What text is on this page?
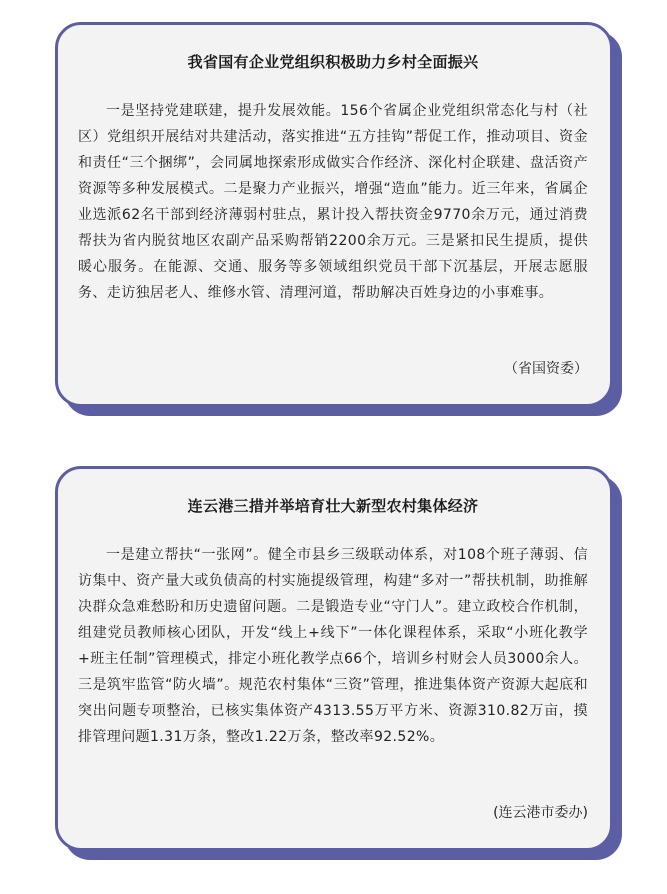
我省国有企业党组织积极助力乡村全面振兴

一是坚持党建联建，提升发展效能。156个省属企业党组织常态化与村（社区）党组织开展结对共建活动，落实推进“五方挂钩”帮促工作，推动项目、资金和责任“三个捆绑”，会同属地探索形成做实合作经济、深化村企联建、盘活资产资源等多种发展模式。二是聚力产业振兴，增强“造血”能力。近三年来，省属企业选派62名干部到经济薄弱村驻点，累计投入帮扶资金9770余万元，通过消费帮扶为省内脱贫地区农副产品采购帮销2200余万元。三是紧扣民生提质，提供暖心服务。在能源、交通、服务等多领域组织党员干部下沉基层，开展志愿服务、走访独居老人、维修水管、清理河道，帮助解决百姓身边的小事难事。

（省国资委）
连云港三措并举培育壮大新型农村集体经济

一是建立帮扶“一张网”。健全市县乡三级联动体系，对108个班子薄弱、信访集中、资产量大或负债高的村实施提级管理，构建“多对一”帮扶机制，助推解决群众急难愁盼和历史遗留问题。二是锻造专业“守门人”。建立政校合作机制，组建党员教师核心团队，开发“线上+线下”一体化课程体系，采取“小班化教学+班主任制”管理模式，排定小班化教学点66个，培训乡村财会人员3000余人。三是筑牢监管“防火墙”。规范农村集体“三资”管理，推进集体资产资源大起底和突出问题专项整治，已核实集体资产4313.55万平方米、资源310.82万亩，摸排管理问题1.31万条，整改1.22万条，整改率92.52%。

(连云港市委办)
